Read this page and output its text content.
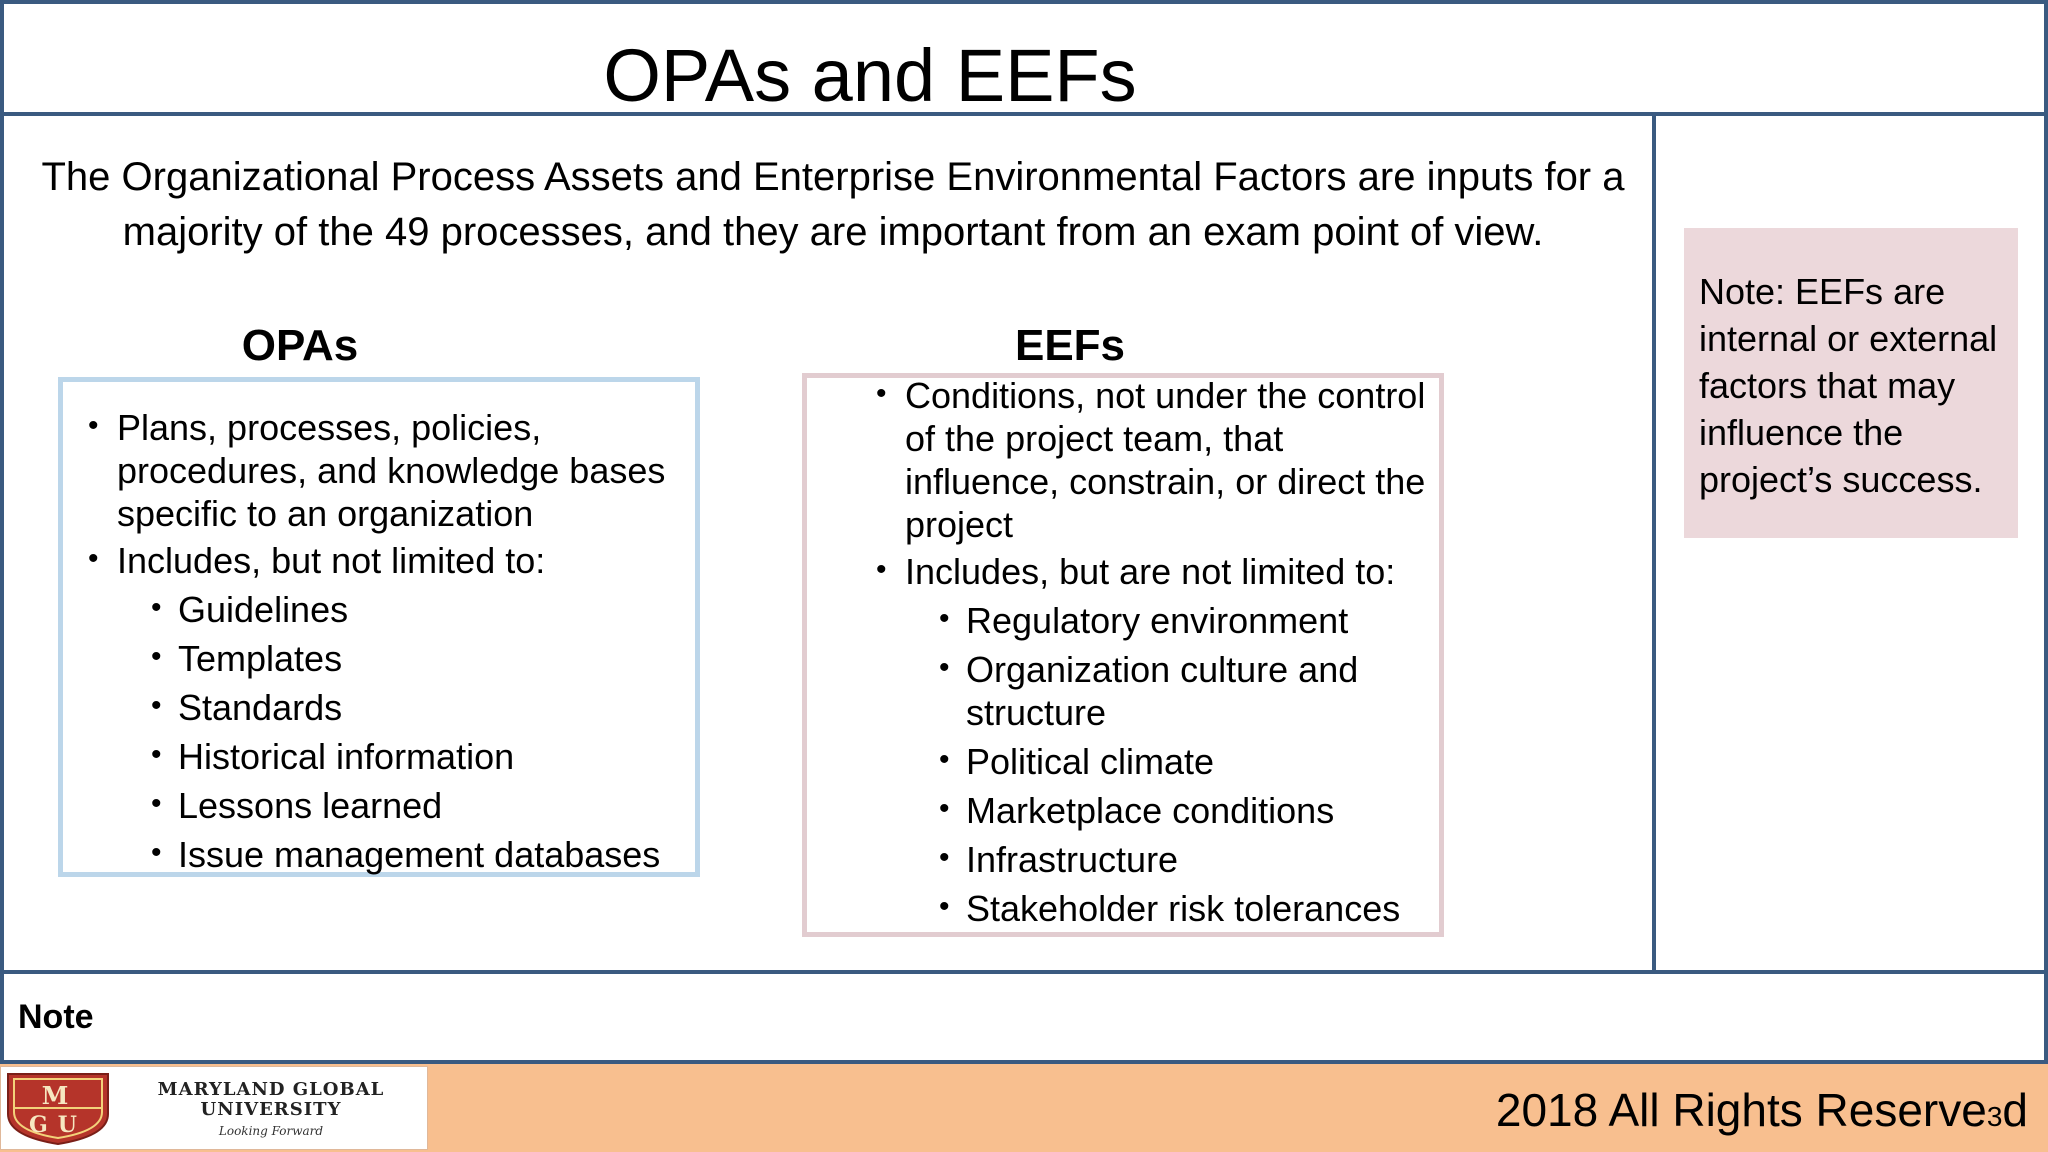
OPAs and EEFs
The Organizational Process Assets and Enterprise Environmental Factors are inputs for a majority of the 49 processes, and they are important from an exam point of view.
OPAs
• Plans, processes, policies, procedures, and knowledge bases specific to an organization
• Includes, but not limited to:
• Guidelines
• Templates
• Standards
• Historical information
• Lessons learned
• Issue management databases
EEFs
• Conditions, not under the control of the project team, that influence, constrain, or direct the project
• Includes, but are not limited to:
• Regulatory environment
• Organization culture and structure
• Political climate
• Marketplace conditions
• Infrastructure
• Stakeholder risk tolerances
Note: EEFs are internal or external factors that may influence the project’s success.
Note
M
GU
MARYLAND GLOBAL UNIVERSITY
Looking Forward	2018 All Rights Reserve3d
